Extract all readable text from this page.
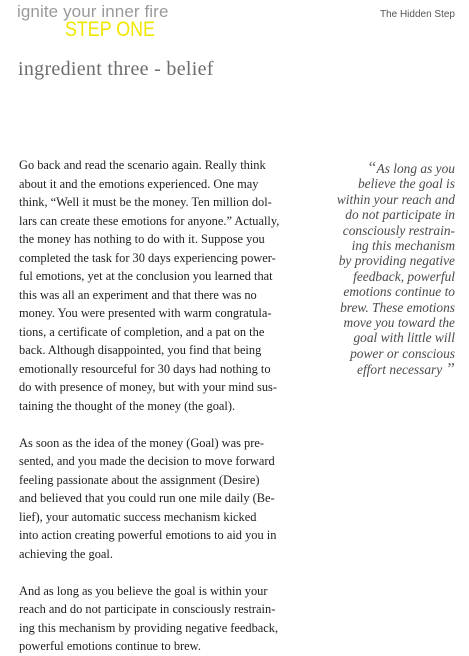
ignite your inner fire
STEP ONE
The Hidden Step
ingredient three - belief
Go back and read the scenario again. Really think
about it and the emotions experienced. One may
think, “Well it must be the money. Ten million dol-
lars can create these emotions for anyone.” Actually,
the money has nothing to do with it. Suppose you
completed the task for 30 days experiencing power-
ful emotions, yet at the conclusion you learned that
this was all an experiment and that there was no
money. You were presented with warm congratula-
tions, a certificate of completion, and a pat on the
back. Although disappointed, you find that being
emotionally resourceful for 30 days had nothing to
do with presence of money, but with your mind sus-
taining the thought of the money (the goal).
As soon as the idea of the money (Goal) was pre-
sented, and you made the decision to move forward
feeling passionate about the assignment (Desire)
and believed that you could run one mile daily (Be-
lief), your automatic success mechanism kicked
into action creating powerful emotions to aid you in
achieving the goal.
And as long as you believe the goal is within your
reach and do not participate in consciously restrain-
ing this mechanism by providing negative feedback,
powerful emotions continue to brew.
“As long as you
believe the goal is
within your reach and
do not participate in
consciously restrain-
ing this mechanism
by providing negative
feedback, powerful
emotions continue to
brew. These emotions
move you toward the
goal with little will
power or conscious
effort necessary ”
